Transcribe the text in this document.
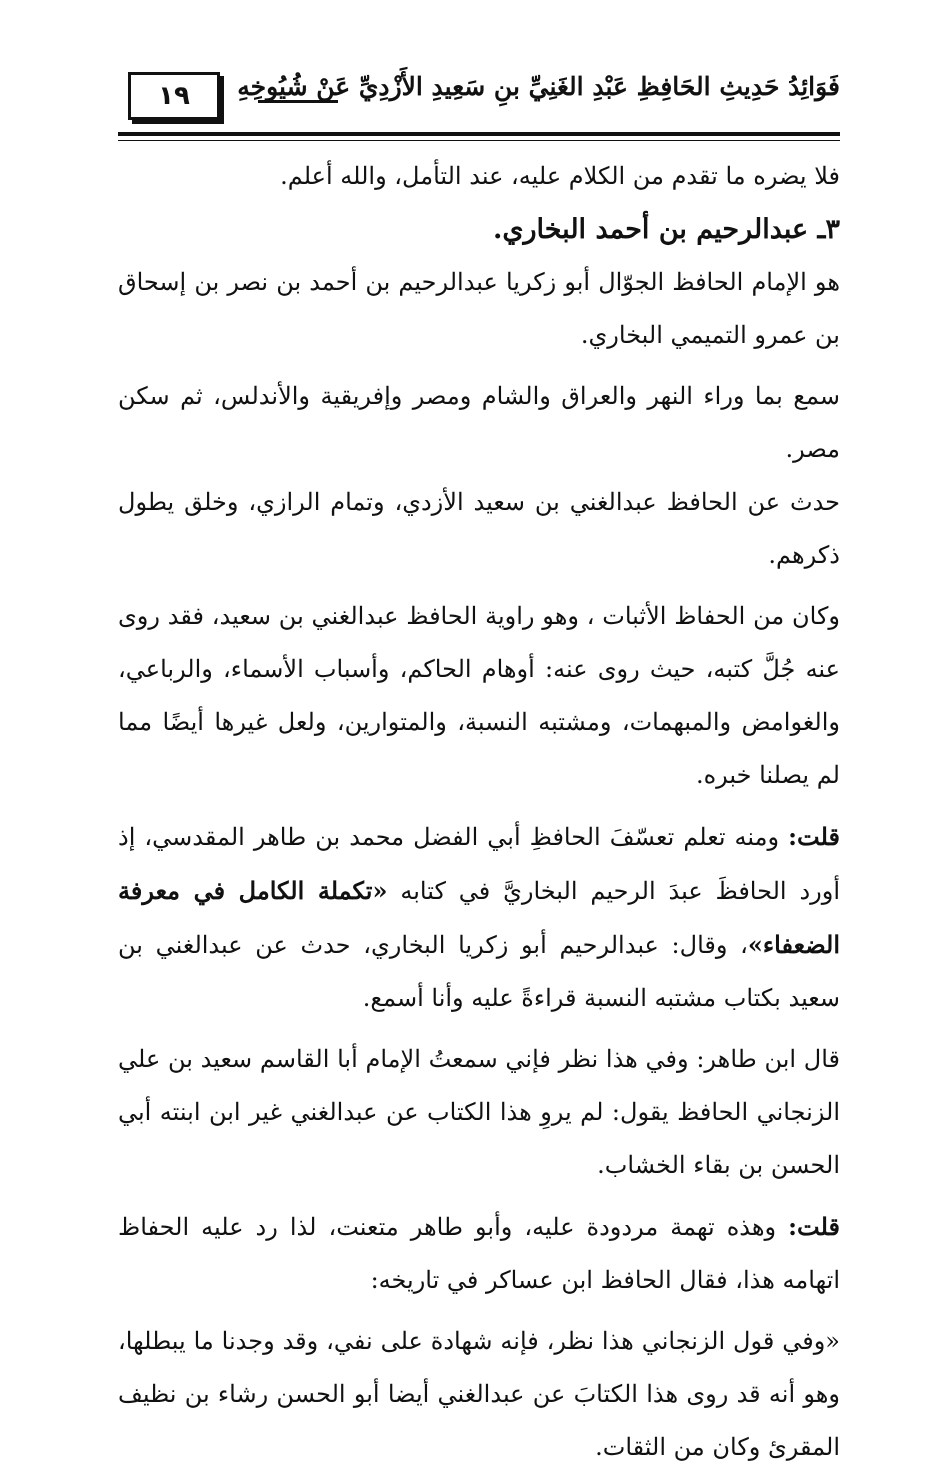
١٩ فَوَائِدُ حَدِيثِ الحَافِظِ عَبْدِ الغَنِيِّ بنِ سَعِيدِ الأَزْدِيِّ عَنْ شُيُوخِهِ

فلا يضره ما تقدم من الكلام عليه، عند التأمل، والله أعلم.

٣ـ عبدالرحيم بن أحمد البخاري.

هو الإمام الحافظ الجوّال أبو زكريا عبدالرحيم بن أحمد بن نصر بن إسحاق بن عمرو التميمي البخاري.

سمع بما وراء النهر والعراق والشام ومصر وإفريقية والأندلس، ثم سكن مصر.

حدث عن الحافظ عبدالغني بن سعيد الأزدي، وتمام الرازي، وخلق يطول ذكرهم.

وكان من الحفاظ الأثبات ، وهو راوية الحافظ عبدالغني بن سعيد، فقد روى عنه جُلَّ كتبه، حيث روى عنه: أوهام الحاكم، وأسباب الأسماء، والرباعي، والغوامض والمبهمات، ومشتبه النسبة، والمتوارين، ولعل غيرها أيضًا مما لم يصلنا خبره.

قلت: ومنه تعلم تعسّفَ الحافظِ أبي الفضل محمد بن طاهر المقدسي، إذ أورد الحافظَ عبدَ الرحيم البخاريَّ في كتابه «تكملة الكامل في معرفة الضعفاء»، وقال: عبدالرحيم أبو زكريا البخاري، حدث عن عبدالغني بن سعيد بكتاب مشتبه النسبة قراءةً عليه وأنا أسمع.

قال ابن طاهر: وفي هذا نظر فإني سمعتُ الإمام أبا القاسم سعيد بن علي الزنجاني الحافظ يقول: لم يروِ هذا الكتاب عن عبدالغني غير ابن ابنته أبي الحسن بن بقاء الخشاب.

قلت: وهذه تهمة مردودة عليه، وأبو طاهر متعنت، لذا رد عليه الحفاظ اتهامه هذا، فقال الحافظ ابن عساكر في تاريخه:

«وفي قول الزنجاني هذا نظر، فإنه شهادة على نفي، وقد وجدنا ما يبطلها، وهو أنه قد روى هذا الكتابَ عن عبدالغني أيضا أبو الحسن رشاء بن نظيف المقرئ وكان من الثقات.
